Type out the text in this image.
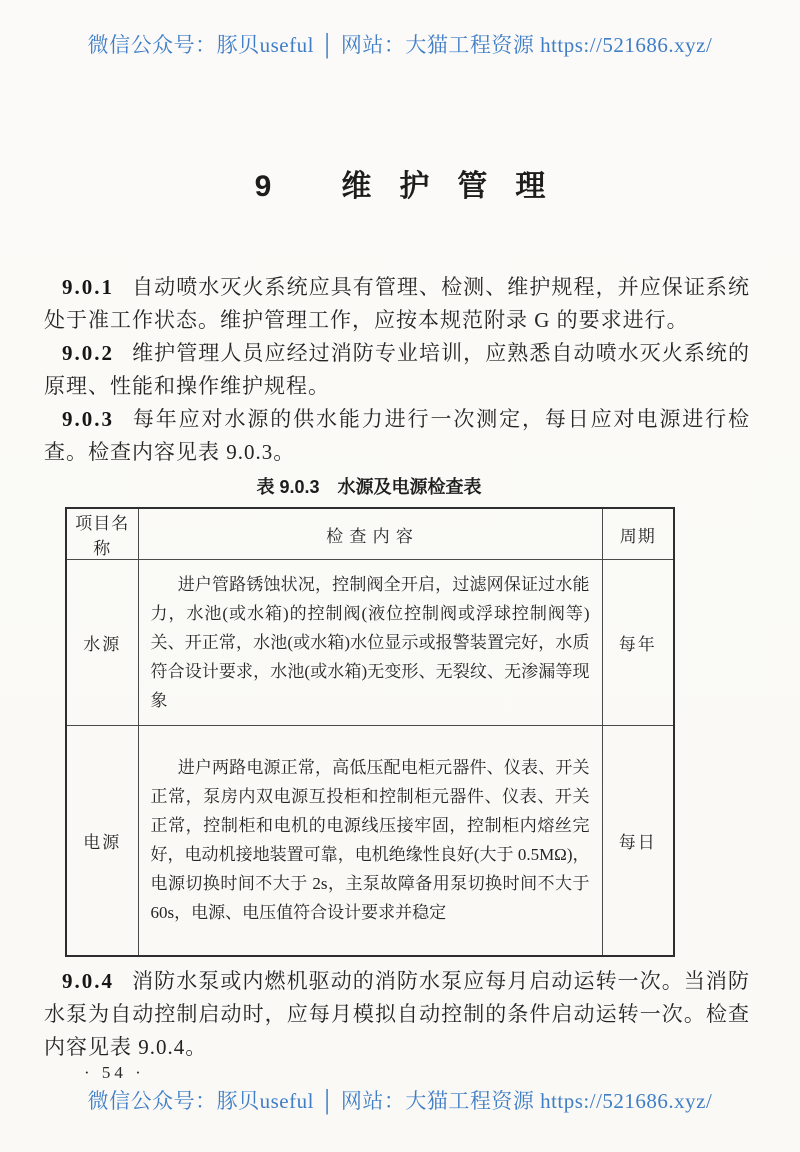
微信公众号：豚贝useful │ 网站：大猫工程资源 https://521686.xyz/
9 维护管理

9.0.1 自动喷水灭火系统应具有管理、检测、维护规程，并应保证系统处于准工作状态。维护管理工作，应按本规范附录 G 的要求进行。

9.0.2 维护管理人员应经过消防专业培训，应熟悉自动喷水灭火系统的原理、性能和操作维护规程。

9.0.3 每年应对水源的供水能力进行一次测定，每日应对电源进行检查。检查内容见表 9.0.3。

表 9.0.3　水源及电源检查表
项目名称	检 查 内 容	周期
水源	进户管路锈蚀状况，控制阀全开启，过滤网保证过水能力，水池(或水箱)的控制阀(液位控制阀或浮球控制阀等)关、开正常，水池(或水箱)水位显示或报警装置完好，水质符合设计要求，水池(或水箱)无变形、无裂纹、无渗漏等现象	每年
电源	进户两路电源正常，高低压配电柜元器件、仪表、开关正常，泵房内双电源互投柜和控制柜元器件、仪表、开关正常，控制柜和电机的电源线压接牢固，控制柜内熔丝完好，电动机接地装置可靠，电机绝缘性良好(大于 0.5MΩ)，电源切换时间不大于 2s，主泵故障备用泵切换时间不大于 60s，电源、电压值符合设计要求并稳定	每日

9.0.4 消防水泵或内燃机驱动的消防水泵应每月启动运转一次。当消防水泵为自动控制启动时，应每月模拟自动控制的条件启动运转一次。检查内容见表 9.0.4。

· 54 ·
微信公众号：豚贝useful │ 网站：大猫工程资源 https://521686.xyz/
